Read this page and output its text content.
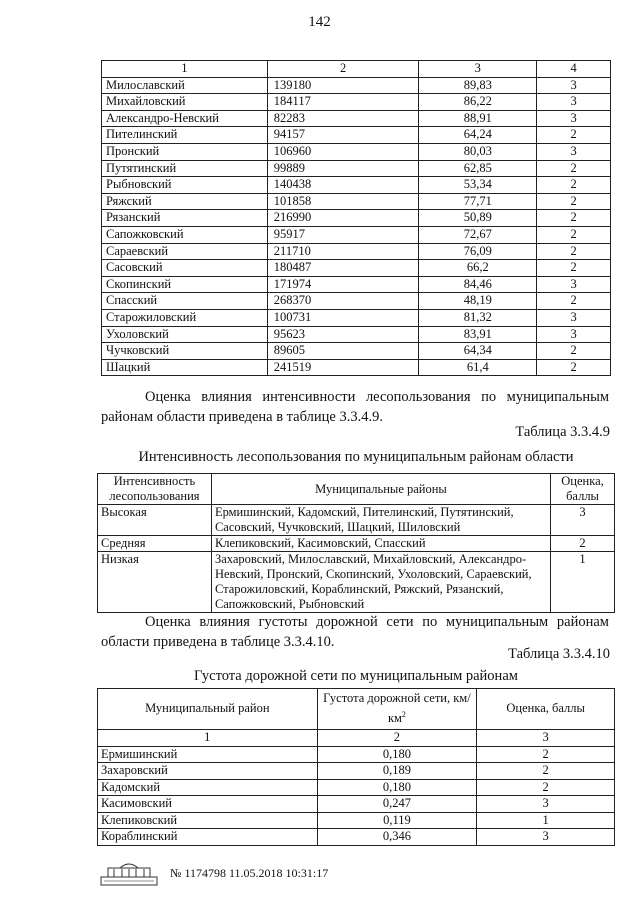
142
1	2	3	4
Милославский	139180	89,83	3
Михайловский	184117	86,22	3
Александро-Невский	82283	88,91	3
Пителинский	94157	64,24	2
Пронский	106960	80,03	3
Путятинский	99889	62,85	2
Рыбновский	140438	53,34	2
Ряжский	101858	77,71	2
Рязанский	216990	50,89	2
Сапожковский	95917	72,67	2
Сараевский	211710	76,09	2
Сасовский	180487	66,2	2
Скопинский	171974	84,46	3
Спасский	268370	48,19	2
Старожиловский	100731	81,32	3
Ухоловский	95623	83,91	3
Чучковский	89605	64,34	2
Шацкий	241519	61,4	2
Оценка влияния интенсивности лесопользования по муниципальным районам области приведена в таблице 3.3.4.9.
Таблица 3.3.4.9
Интенсивность лесопользования по муниципальным районам области
Интенсивность лесопользования	Муниципальные районы	Оценка, баллы
Высокая	Ермишинский, Кадомский, Пителинский, Путятинский, Сасовский, Чучковский, Шацкий, Шиловский	3
Средняя	Клепиковский, Касимовский, Спасский	2
Низкая	Захаровский, Милославский, Михайловский, Александро-Невский, Пронский, Скопинский, Ухоловский, Сараевский, Старожиловский, Кораблинский, Ряжский, Рязанский, Сапожковский, Рыбновский	1
Оценка влияния густоты дорожной сети по муниципальным районам области приведена в таблице 3.3.4.10.
Таблица 3.3.4.10
Густота дорожной сети по муниципальным районам
Муниципальный район	Густота дорожной сети, $км/км^2$	Оценка, баллы
1	2	3
Ермишинский	0,180	2
Захаровский	0,189	2
Кадомский	0,180	2
Касимовский	0,247	3
Клепиковский	0,119	1
Кораблинский	0,346	3
№ 1174798 11.05.2018 10:31:17
